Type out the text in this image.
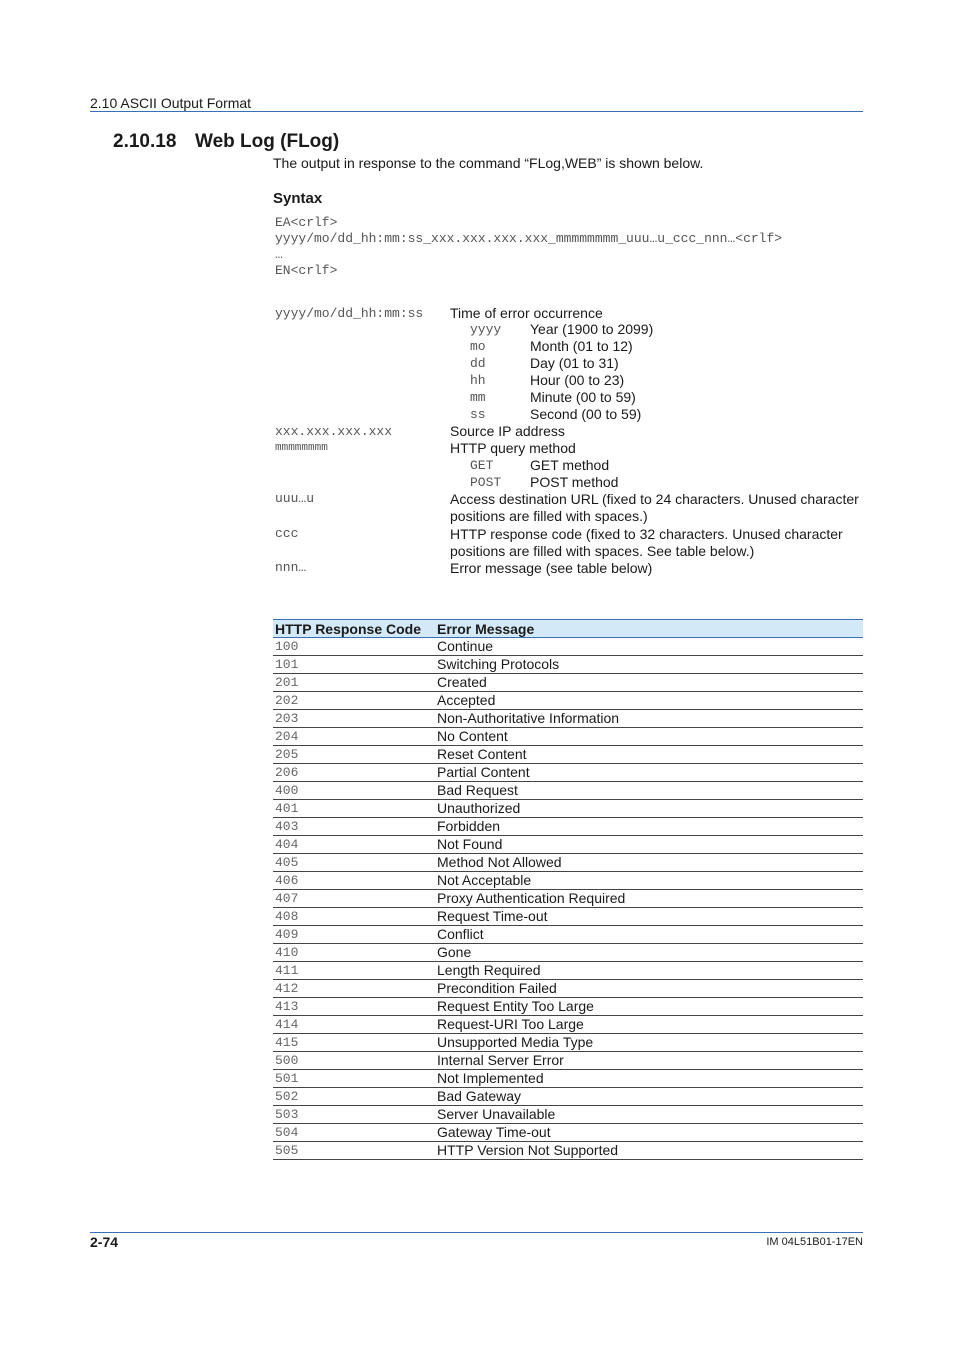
2.10 ASCII Output Format
2.10.18 Web Log (FLog)
The output in response to the command “FLog,WEB” is shown below.
Syntax
EA<crlf>
yyyy/mo/dd_hh:mm:ss_xxx.xxx.xxx.xxx_mmmmmmmm_uuu…u_ccc_nnn…<crlf>
…
EN<crlf>
yyyy/mo/dd_hh:mm:ss Time of error occurrence
yyyy Year (1900 to 2099)
mo	Month (01 to 12)
dd	Day (01 to 31)
hh	Hour (00 to 23)
mm	Minute (00 to 59)
ss	Second (00 to 59)
xxx.xxx.xxx.xxx	Source IP address
mmmmmmmm	HTTP query method
GET	GET method
POST POST method
uuu…u	Access destination URL (fixed to 24 characters. Unused character positions are filled with spaces.)
ccc	HTTP response code (fixed to 32 characters. Unused character positions are filled with spaces. See table below.)
nnn…	Error message (see table below)
HTTP Response Code	Error Message
100	Continue
101	Switching Protocols
201	Created
202	Accepted
203	Non-Authoritative Information
204	No Content
205	Reset Content
206	Partial Content
400	Bad Request
401	Unauthorized
403	Forbidden
404	Not Found
405	Method Not Allowed
406	Not Acceptable
407	Proxy Authentication Required
408	Request Time-out
409	Conflict
410	Gone
411	Length Required
412	Precondition Failed
413	Request Entity Too Large
414	Request-URI Too Large
415	Unsupported Media Type
500	Internal Server Error
501	Not Implemented
502	Bad Gateway
503	Server Unavailable
504	Gateway Time-out
505	HTTP Version Not Supported
2-74	IM 04L51B01-17EN
